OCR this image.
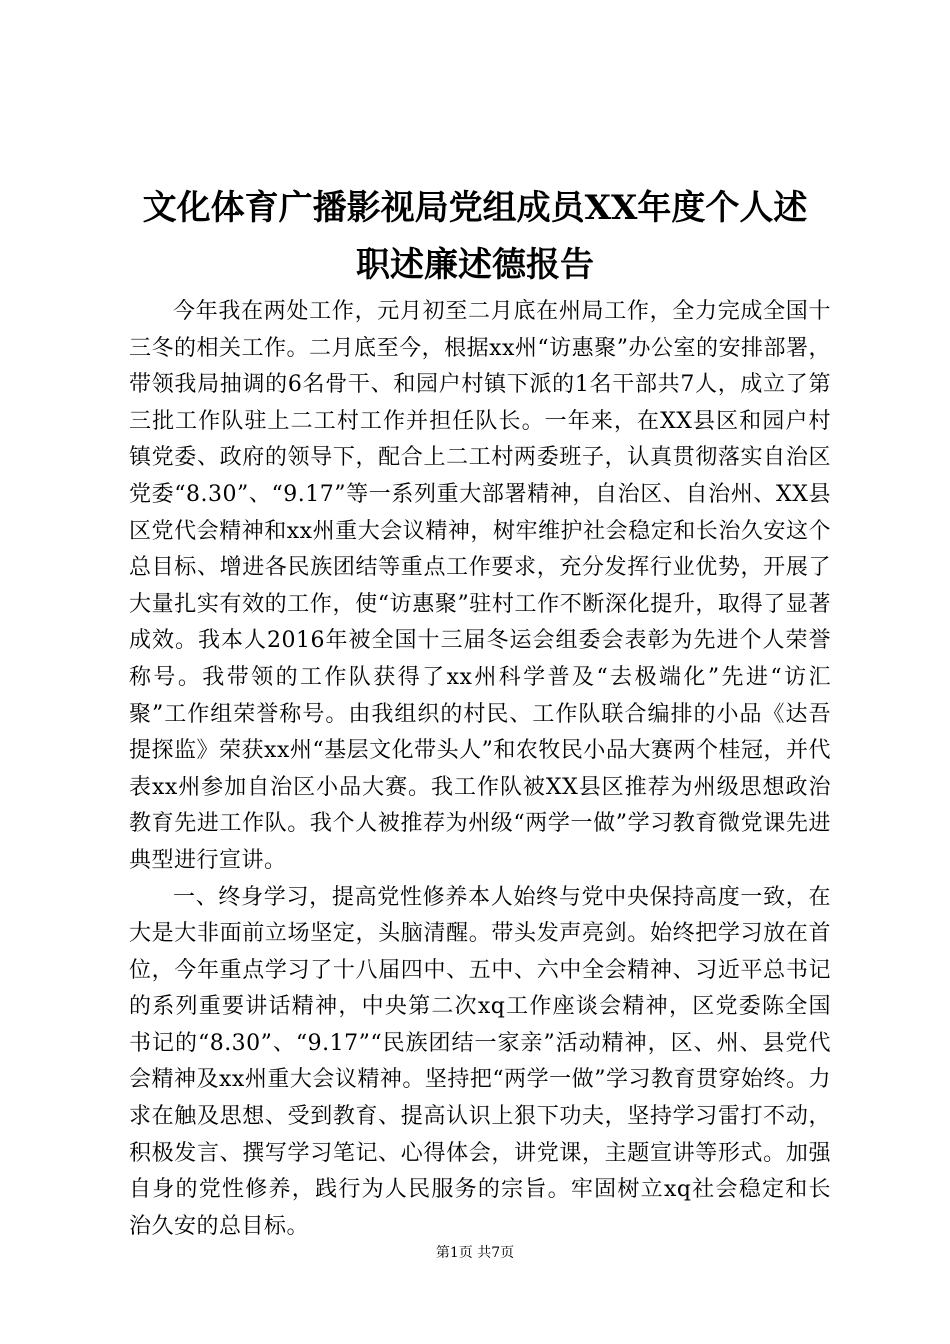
文化体育广播影视局党组成员XX年度个人述
职述廉述德报告

今年我在两处工作，元月初至二月底在州局工作，全力完成全国十三冬的相关工作。二月底至今，根据xx州“访惠聚”办公室的安排部署，带领我局抽调的6名骨干、和园户村镇下派的1名干部共7人，成立了第三批工作队驻上二工村工作并担任队长。一年来，在XX县区和园户村镇党委、政府的领导下，配合上二工村两委班子，认真贯彻落实自治区党委“8.30”、“9.17”等一系列重大部署精神，自治区、自治州、XX县区党代会精神和xx州重大会议精神，树牢维护社会稳定和长治久安这个总目标、增进各民族团结等重点工作要求，充分发挥行业优势，开展了大量扎实有效的工作，使“访惠聚”驻村工作不断深化提升，取得了显著成效。我本人2016年被全国十三届冬运会组委会表彰为先进个人荣誉称号。我带领的工作队获得了xx州科学普及“去极端化”先进“访汇聚”工作组荣誉称号。由我组织的村民、工作队联合编排的小品《达吾提探监》荣获xx州“基层文化带头人”和农牧民小品大赛两个桂冠，并代表xx州参加自治区小品大赛。我工作队被XX县区推荐为州级思想政治教育先进工作队。我个人被推荐为州级“两学一做”学习教育微党课先进典型进行宣讲。

一、终身学习，提高党性修养本人始终与党中央保持高度一致，在大是大非面前立场坚定，头脑清醒。带头发声亮剑。始终把学习放在首位，今年重点学习了十八届四中、五中、六中全会精神、习近平总书记的系列重要讲话精神，中央第二次xq工作座谈会精神，区党委陈全国书记的“8.30”、“9.17”“民族团结一家亲”活动精神，区、州、县党代会精神及xx州重大会议精神。坚持把“两学一做”学习教育贯穿始终。力求在触及思想、受到教育、提高认识上狠下功夫，坚持学习雷打不动，积极发言、撰写学习笔记、心得体会，讲党课，主题宣讲等形式。加强自身的党性修养，践行为人民服务的宗旨。牢固树立xq社会稳定和长治久安的总目标。

第1页 共7页
